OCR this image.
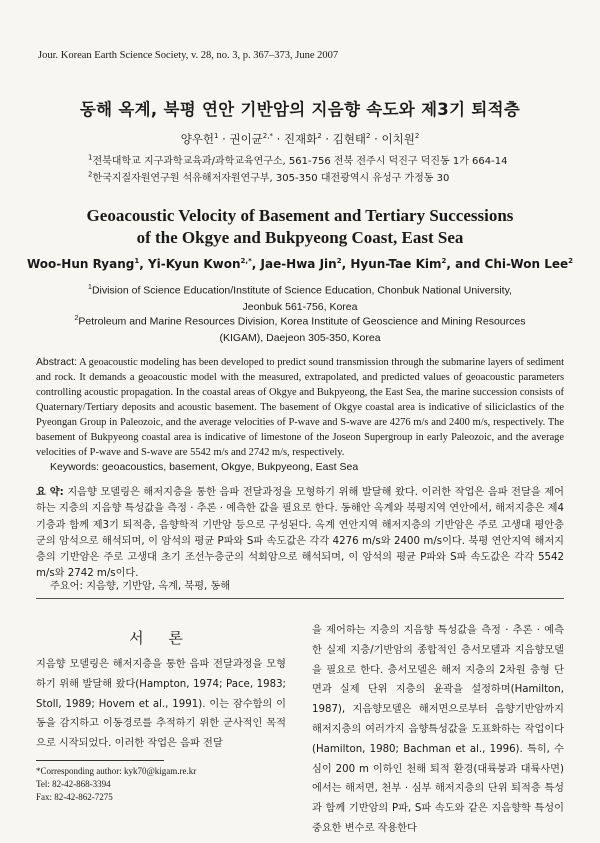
Jour. Korean Earth Science Society, v. 28, no. 3, p. 367–373, June 2007
동해 옥계, 북평 연안 기반암의 지음향 속도와 제3기 퇴적층
양우헌$^1$ · 권이균$^{2,*}$ · 진재화$^2$ · 김현태$^2$ · 이치원$^2$
$^1$전북대학교 지구과학교육과/과학교육연구소, 561-756 전북 전주시 덕진구 덕진동 1가 664-14
$^2$한국지질자원연구원 석유해저자원연구부, 305-350 대전광역시 유성구 가정동 30
Geoacoustic Velocity of Basement and Tertiary Successions
of the Okgye and Bukpyeong Coast, East Sea
Woo-Hun Ryang$^1$, Yi-Kyun Kwon$^{2,*}$, Jae-Hwa Jin$^2$, Hyun-Tae Kim$^2$, and Chi-Won Lee$^2$
$^1$Division of Science Education/Institute of Science Education, Chonbuk National University,
Jeonbuk 561-756, Korea
$^2$Petroleum and Marine Resources Division, Korea Institute of Geoscience and Mining Resources
(KIGAM), Daejeon 305-350, Korea
Abstract: A geoacoustic modeling has been developed to predict sound transmission through the submarine layers of sediment and rock. It demands a geoacoustic model with the measured, extrapolated, and predicted values of geoacoustic parameters controlling acoustic propagation. In the coastal areas of Okgye and Bukpyeong, the East Sea, the marine succession consists of Quaternary/Tertiary deposits and acoustic basement. The basement of Okgye coastal area is indicative of siliciclastics of the Pyeongan Group in Paleozoic, and the average velocities of P-wave and S-wave are 4276 m/s and 2400 m/s, respectively. The basement of Bukpyeong coastal area is indicative of limestone of the Joseon Supergroup in early Paleozoic, and the average velocities of P-wave and S-wave are 5542 m/s and 2742 m/s, respectively.
Keywords: geoacoustics, basement, Okgye, Bukpyeong, East Sea
요 약: 지음향 모델링은 해저지층을 통한 음파 전달과정을 모형하기 위해 발달해 왔다. 이러한 작업은 음파 전달을 제어하는 지층의 지음향 특성값을 측정 · 추론 · 예측한 값을 필요로 한다. 동해안 옥계와 북평지역 연안에서, 해저지층은 제4기층과 함께 제3기 퇴적층, 음향학적 기반암 등으로 구성된다. 옥계 연안지역 해저지층의 기반암은 주로 고생대 평안층군의 암석으로 해석되며, 이 암석의 평균 P파와 S파 속도값은 각각 4276 m/s와 2400 m/s이다. 북평 연안지역 해저지층의 기반암은 주로 고생대 초기 조선누층군의 석회암으로 해석되며, 이 암석의 평균 P파와 S파 속도값은 각각 5542 m/s와 2742 m/s이다.
주요어: 지음향, 기반암, 옥계, 북평, 동해
서 론
지음향 모델링은 해저지층을 통한 음파 전달과정을 모형하기 위해 발달해 왔다(Hampton, 1974; Pace, 1983; Stoll, 1989; Hovem et al., 1991). 이는 잠수함의 이동을 감지하고 이동경로를 추적하기 위한 군사적인 목적으로 시작되었다. 이러한 작업은 음파 전달
을 제어하는 지층의 지음향 특성값을 측정 · 추론 · 예측한 실제 지층/기반암의 종합적인 층서모델과 지음향모델을 필요로 한다. 층서모델은 해저 지층의 2차원 층형 단면과 실제 단위 지층의 윤곽을 설정하며(Hamilton, 1987), 지음향모델은 해저면으로부터 음향기반암까지 해저지층의 여러가지 음향특성값을 도표화하는 작업이다(Hamilton, 1980; Bachman et al., 1996). 특히, 수심이 200 m 이하인 천해 퇴적 환경(대륙붕과 대륙사면)에서는 해저면, 천부 · 심부 해저지층의 단위 퇴적층 특성과 함께 기반암의 P파, S파 속도와 같은 지음향학 특성이 중요한 변수로 작용한다
*Corresponding author: kyk70@kigam.re.kr
Tel: 82-42-868-3394
Fax: 82-42-862-7275
